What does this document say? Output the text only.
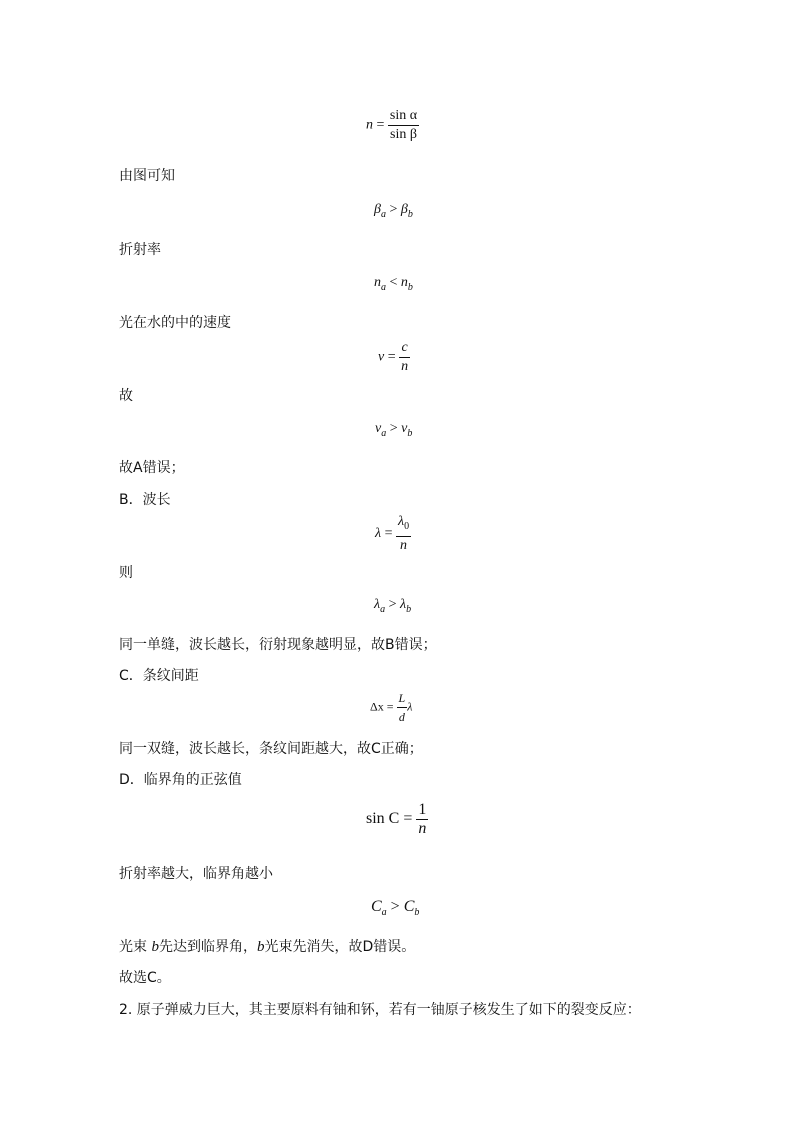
$n = \frac{\text{sin α}}{\text{sin β}}$
由图可知
$\beta_a > \beta_b$
折射率
$n_a < n_b$
光在水的中的速度
$v = \frac{c}{n}$
故
$v_a > v_b$
故A错误；
B．波长
$\lambda = \frac{\lambda_0}{n}$
则
$\lambda_a > \lambda_b$
同一单缝，波长越长，衍射现象越明显，故B错误；
C．条纹间距
$\Delta x = \frac{L}{d}$ λ
同一双缝，波长越长，条纹间距越大，故C正确；
D．临界角的正弦值
$\sin C = \frac{1}{n}$
折射率越大，临界角越小
$C_a > C_b$
光束 b先达到临界角，b光束先消失，故D错误。
故选C。
2. 原子弹威力巨大，其主要原料有铀和钚，若有一铀原子核发生了如下的裂变反应：
